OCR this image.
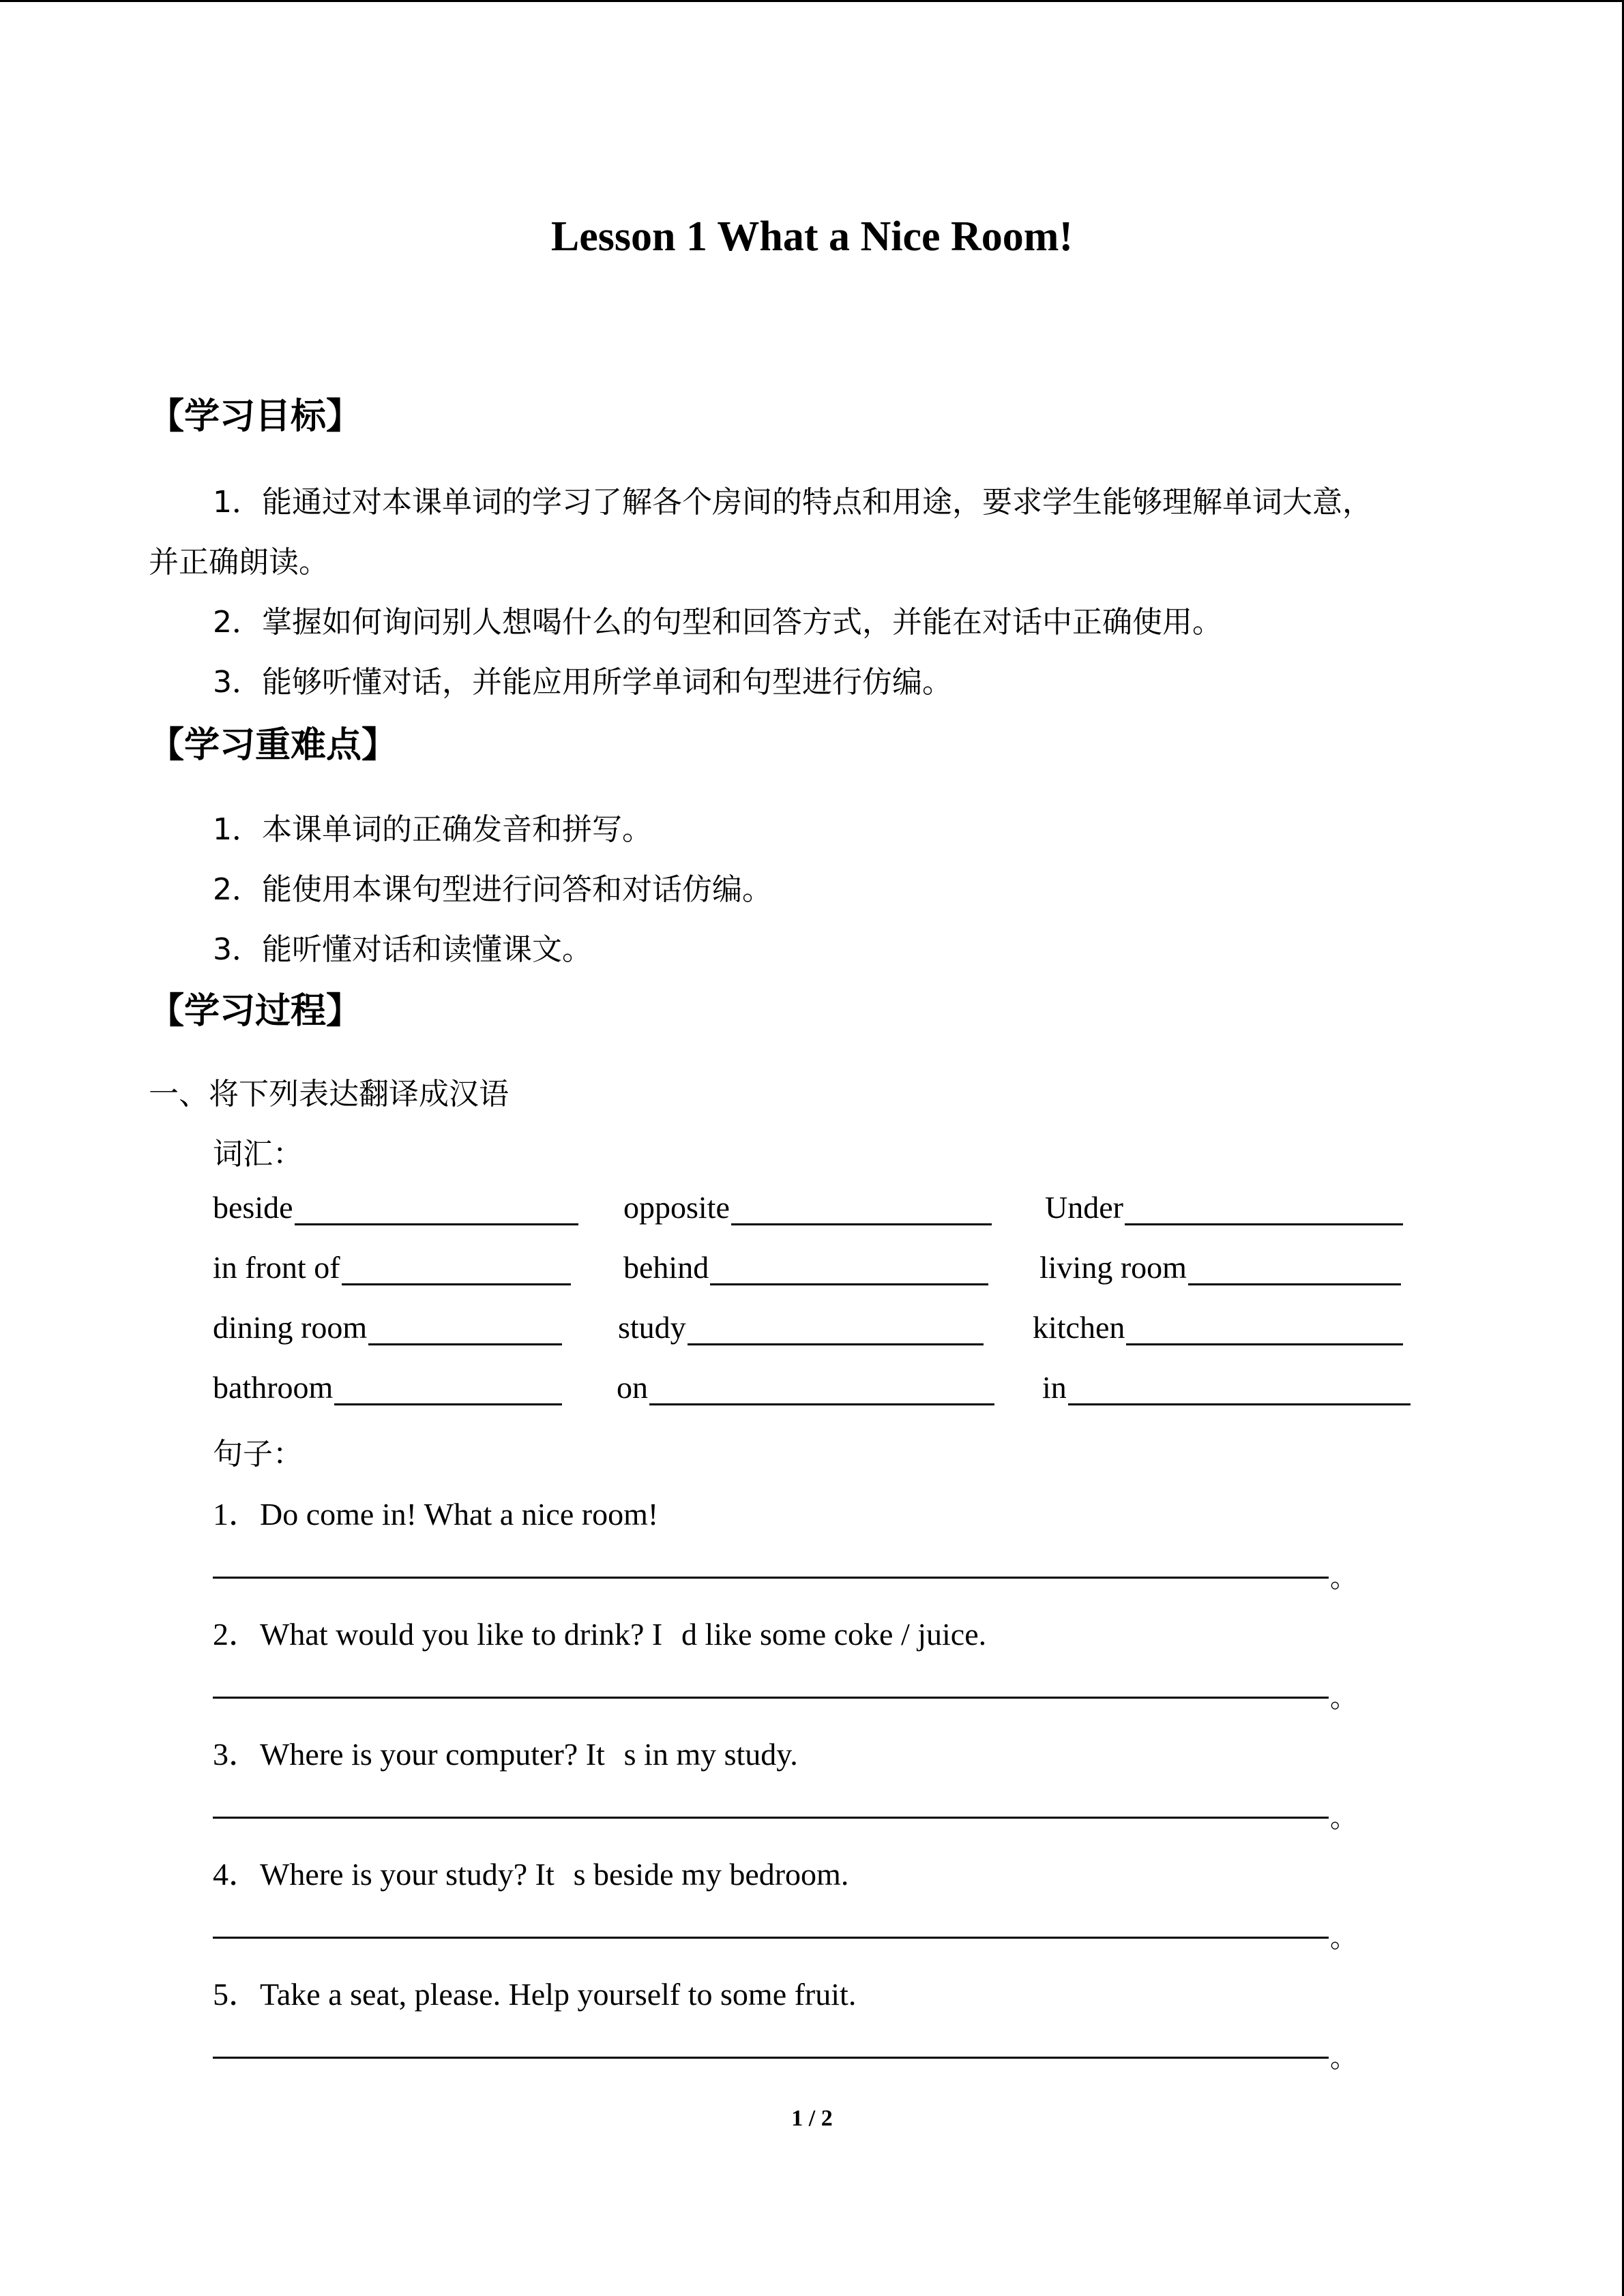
Lesson 1 What a Nice Room!
【学习目标】
1．能通过对本课单词的学习了解各个房间的特点和用途，要求学生能够理解单词大意，
并正确朗读。
2．掌握如何询问别人想喝什么的句型和回答方式，并能在对话中正确使用。
3．能够听懂对话，并能应用所学单词和句型进行仿编。
【学习重难点】
1．本课单词的正确发音和拼写。
2．能使用本课句型进行问答和对话仿编。
3．能听懂对话和读懂课文。
【学习过程】
一、将下列表达翻译成汉语
词汇：
beside	opposite	Under
in front of	behind	living room
dining room	study	kitchen
bathroom	on	in
句子：
1．Do come in! What a nice room!
。
2．What would you like to drink? Id like some coke / juice.
。
3．Where is your computer? Its in my study.
。
4．Where is your study? Its beside my bedroom.
。
5．Take a seat, please. Help yourself to some fruit.
。
1 / 2
